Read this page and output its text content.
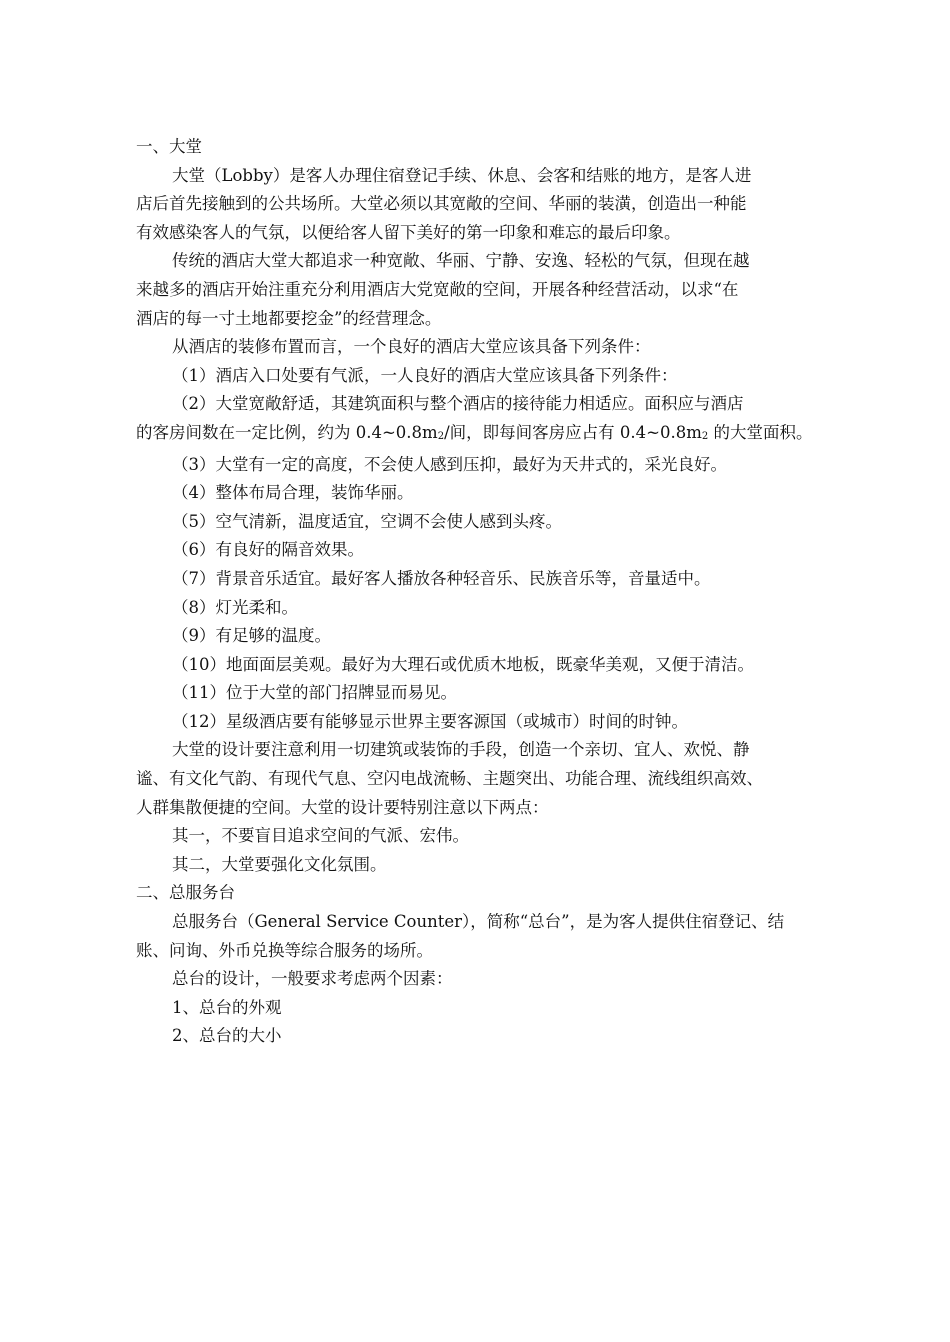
一、大堂

大堂（Lobby）是客人办理住宿登记手续、休息、会客和结账的地方，是客人进

店后首先接触到的公共场所。大堂必须以其宽敞的空间、华丽的装潢，创造出一种能

有效感染客人的气氛，以便给客人留下美好的第一印象和难忘的最后印象。

传统的酒店大堂大都追求一种宽敞、华丽、宁静、安逸、轻松的气氛，但现在越

来越多的酒店开始注重充分利用酒店大党宽敞的空间，开展各种经营活动，以求“在

酒店的每一寸土地都要挖金”的经营理念。

从酒店的装修布置而言，一个良好的酒店大堂应该具备下列条件：

（1）酒店入口处要有气派，一人良好的酒店大堂应该具备下列条件：

（2）大堂宽敞舒适，其建筑面积与整个酒店的接待能力相适应。面积应与酒店

的客房间数在一定比例，约为 $0.4\sim 0.8m_2/$间，即每间客房应占有 $0.4\sim 0.8m_2$ 的大堂面积。

（3）大堂有一定的高度，不会使人感到压抑，最好为天井式的，采光良好。

（4）整体布局合理，装饰华丽。

（5）空气清新，温度适宜，空调不会使人感到头疼。

（6）有良好的隔音效果。

（7）背景音乐适宜。最好客人播放各种轻音乐、民族音乐等，音量适中。

（8）灯光柔和。

（9）有足够的温度。

（10）地面面层美观。最好为大理石或优质木地板，既豪华美观，又便于清洁。

（11）位于大堂的部门招牌显而易见。

（12）星级酒店要有能够显示世界主要客源国（或城市）时间的时钟。

大堂的设计要注意利用一切建筑或装饰的手段，创造一个亲切、宜人、欢悦、静

谧、有文化气韵、有现代气息、空闪电战流畅、主题突出、功能合理、流线组织高效、

人群集散便捷的空间。大堂的设计要特别注意以下两点：

其一，不要盲目追求空间的气派、宏伟。

其二，大堂要强化文化氛围。

二、总服务台

总服务台（General Service Counter），简称“总台”，是为客人提供住宿登记、结

账、问询、外币兑换等综合服务的场所。

总台的设计，一般要求考虑两个因素：

1、总台的外观

2、总台的大小
